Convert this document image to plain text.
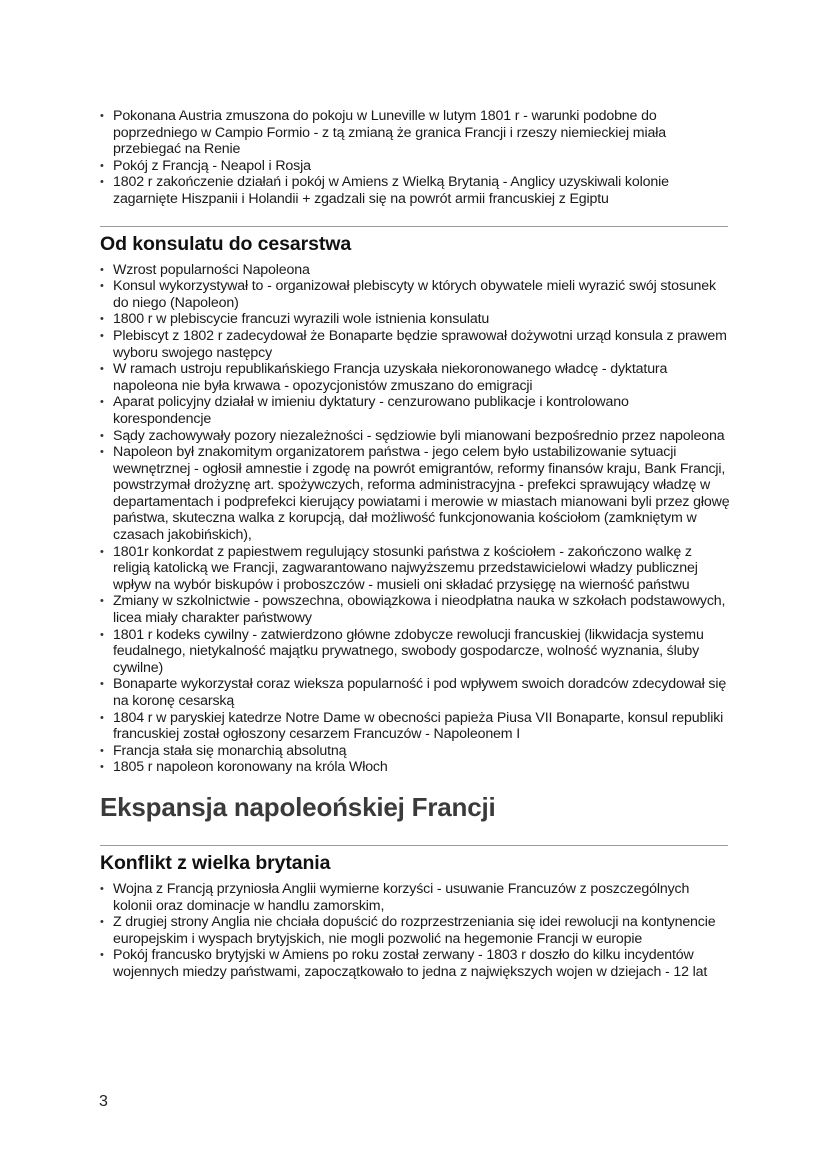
• Pokonana Austria zmuszona do pokoju w Luneville w lutym 1801 r - warunki podobne do poprzedniego w Campio Formio - z tą zmianą że granica Francji i rzeszy niemieckiej miała przebiegać na Renie
• Pokój z Francją - Neapol i Rosja
• 1802 r zakończenie działań i pokój w Amiens z Wielką Brytanią - Anglicy uzyskiwali kolonie zagarnięte Hiszpanii i Holandii + zgadzali się na powrót armii francuskiej z Egiptu
Od konsulatu do cesarstwa
• Wzrost popularności Napoleona
• Konsul wykorzystywał to - organizował plebiscyty w których obywatele mieli wyrazić swój stosunek do niego (Napoleon)
• 1800 r w plebiscycie francuzi wyrazili wole istnienia konsulatu
• Plebiscyt z 1802 r zadecydował że Bonaparte będzie sprawował dożywotni urząd konsula z prawem wyboru swojego następcy
• W ramach ustroju republikańskiego Francja uzyskała niekoronowanego władcę - dyktatura napoleona nie była krwawa - opozycjonistów zmuszano do emigracji
• Aparat policyjny działał w imieniu dyktatury - cenzurowano publikacje i kontrolowano korespondencje
• Sądy zachowywały pozory niezależności - sędziowie byli mianowani bezpośrednio przez napoleona
• Napoleon był znakomitym organizatorem państwa - jego celem było ustabilizowanie sytuacji wewnętrznej - ogłosił amnestie i zgodę na powrót emigrantów, reformy finansów kraju, Bank Francji, powstrzymał drożyznę art. spożywczych, reforma administracyjna - prefekci sprawujący władzę w departamentach i podprefekci kierujący powiatami i merowie w miastach mianowani byli przez głowę państwa, skuteczna walka z korupcją, dał możliwość funkcjonowania kościołom (zamkniętym w czasach jakobińskich),
• 1801r konkordat z papiestwem regulujący stosunki państwa z kościołem - zakończono walkę z religią katolicką we Francji, zagwarantowano najwyższemu przedstawicielowi władzy publicznej wpływ na wybór biskupów i proboszczów - musieli oni składać przysięgę na wierność państwu
• Zmiany w szkolnictwie - powszechna, obowiązkowa i nieodpłatna nauka w szkołach podstawowych, licea miały charakter państwowy
• 1801 r kodeks cywilny - zatwierdzono główne zdobycze rewolucji francuskiej (likwidacja systemu feudalnego, nietykalność majątku prywatnego, swobody gospodarcze, wolność wyznania, śluby cywilne)
• Bonaparte wykorzystał coraz wieksza popularność i pod wpływem swoich doradców zdecydował się na koronę cesarską
• 1804 r w paryskiej katedrze Notre Dame w obecności papieża Piusa VII Bonaparte, konsul republiki francuskiej został ogłoszony cesarzem Francuzów - Napoleonem I
• Francja stała się monarchią absolutną
• 1805 r napoleon koronowany na króla Włoch
Ekspansja napoleońskiej Francji
Konflikt z wielka brytania
• Wojna z Francją przyniosła Anglii wymierne korzyści - usuwanie Francuzów z poszczególnych kolonii oraz dominacje w handlu zamorskim,
• Z drugiej strony Anglia nie chciała dopuścić do rozprzestrzeniania się idei rewolucji na kontynencie europejskim i wyspach brytyjskich, nie mogli pozwolić na hegemonie Francji w europie
• Pokój francusko brytyjski w Amiens po roku został zerwany - 1803 r doszło do kilku incydentów wojennych miedzy państwami, zapoczątkowało to jedna z największych wojen w dziejach - 12 lat
3
